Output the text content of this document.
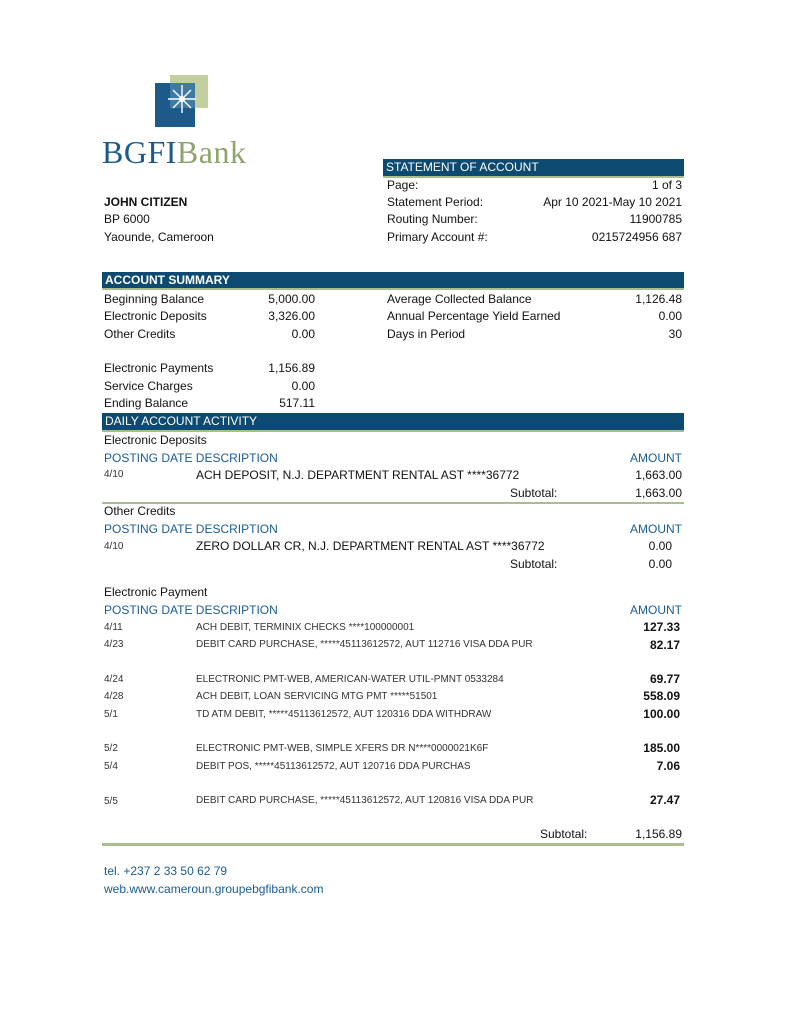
BGFIBank	STATEMENT OF ACCOUNT
Page:	1 of 3
Statement Period:	Apr 10 2021-May 10 2021
Routing Number:	11900785
Primary Account #:	0215724956 687
JOHN CITIZEN
BP 6000
Yaounde, Cameroon
ACCOUNT SUMMARY
Beginning Balance	5,000.00
Electronic Deposits	3,326.00
Other Credits	0.00
Electronic Payments	1,156.89
Service Charges	0.00
Ending Balance	517.11
Average Collected Balance	1,126.48
Annual Percentage Yield Earned	0.00
Days in Period	30
DAILY ACCOUNT ACTIVITY
Electronic Deposits
POSTING DATE DESCRIPTION	AMOUNT
4/10	ACH DEPOSIT, N.J. DEPARTMENT RENTAL AST ****36772	1,663.00
Subtotal:	1,663.00
Other Credits
POSTING DATE DESCRIPTION	AMOUNT
4/10	ZERO DOLLAR CR, N.J. DEPARTMENT RENTAL AST ****36772	0.00
Subtotal:	0.00
Electronic Payment
POSTING DATE DESCRIPTION	AMOUNT
4/11	ACH DEBIT, TERMINIX CHECKS ****100000001	127.33
4/23	DEBIT CARD PURCHASE, *****45113612572, AUT 112716 VISA DDA PUR	82.17
4/24	ELECTRONIC PMT-WEB, AMERICAN-WATER UTIL-PMNT 0533284	69.77
4/28	ACH DEBIT, LOAN SERVICING MTG PMT *****51501	558.09
5/1	TD ATM DEBIT, *****45113612572, AUT 120316 DDA WITHDRAW	100.00
5/2	ELECTRONIC PMT-WEB, SIMPLE XFERS DR N****0000021K6F	185.00
5/4	DEBIT POS, *****45113612572, AUT 120716 DDA PURCHAS	7.06
5/5	DEBIT CARD PURCHASE, *****45113612572, AUT 120816 VISA DDA PUR	27.47
Subtotal:	1,156.89
tel. +237 2 33 50 62 79
web.www.cameroun.groupebgfibank.com
